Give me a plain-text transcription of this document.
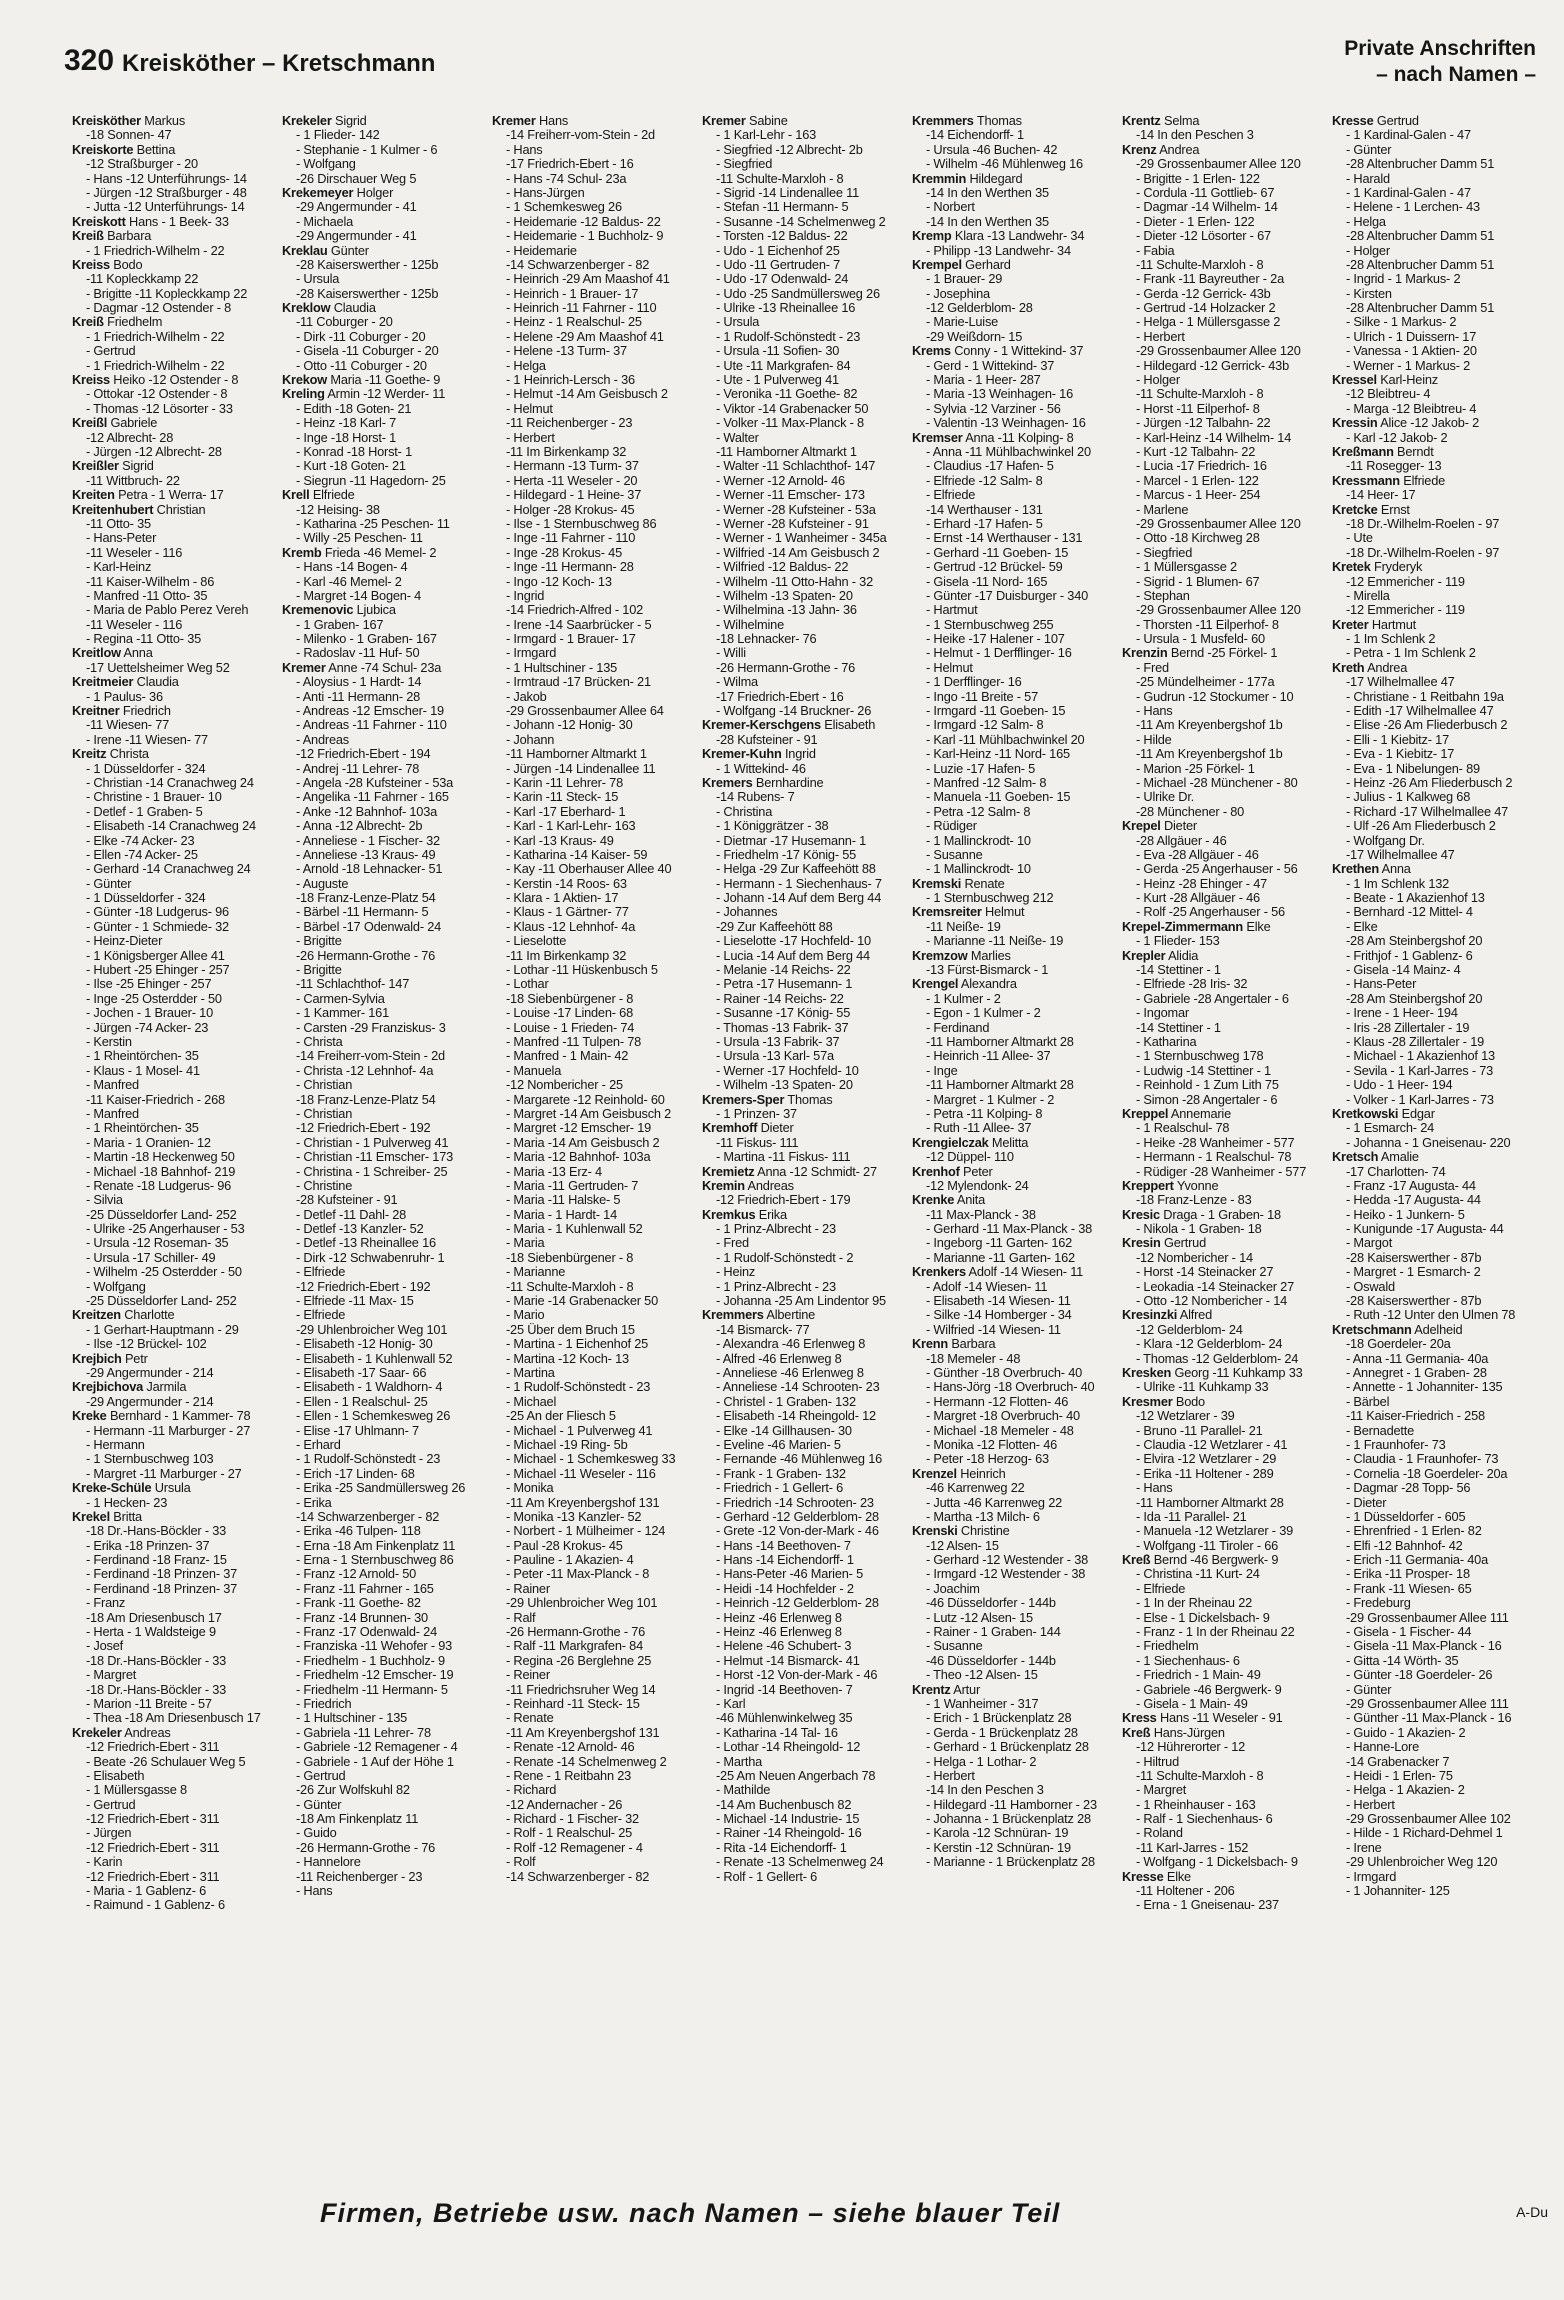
320 Kreisköther – Kretschmann
Private Anschriften
– nach Namen –
Kreisköther Markus
-18 Sonnen- 47
Kreiskorte Bettina
-12 Straßburger - 20
- Hans -12 Unterführungs- 14
- Jürgen -12 Straßburger - 48
- Jutta -12 Unterführungs- 14
Kreiskott Hans - 1 Beek- 33
Kreiß Barbara
- 1 Friedrich-Wilhelm - 22
Kreiss Bodo
-11 Kopleckkamp 22
- Brigitte -11 Kopleckkamp 22
- Dagmar -12 Ostender - 8
Kreiß Friedhelm
- 1 Friedrich-Wilhelm - 22
- Gertrud
- 1 Friedrich-Wilhelm - 22
Kreiss Heiko -12 Ostender - 8
- Ottokar -12 Ostender - 8
- Thomas -12 Lösorter - 33
Kreißl Gabriele
-12 Albrecht- 28
- Jürgen -12 Albrecht- 28
Kreißler Sigrid
-11 Wittbruch- 22
Kreiten Petra - 1 Werra- 17
Kreitenhubert Christian
-11 Otto- 35
- Hans-Peter
-11 Weseler - 116
- Karl-Heinz
-11 Kaiser-Wilhelm - 86
- Manfred -11 Otto- 35
- Maria de Pablo Perez Vereh
-11 Weseler - 116
- Regina -11 Otto- 35
Kreitlow Anna
-17 Uettelsheimer Weg 52
Kreitmeier Claudia
- 1 Paulus- 36
Kreitner Friedrich
-11 Wiesen- 77
- Irene -11 Wiesen- 77
Kreitz Christa
- 1 Düsseldorfer - 324
- Christian -14 Cranachweg 24
- Christine - 1 Brauer- 10
- Detlef - 1 Graben- 5
- Elisabeth -14 Cranachweg 24
- Elke -74 Acker- 23
- Ellen -74 Acker- 25
- Gerhard -14 Cranachweg 24
- Günter
- 1 Düsseldorfer - 324
- Günter -18 Ludgerus- 96
- Günter - 1 Schmiede- 32
- Heinz-Dieter
- 1 Königsberger Allee 41
- Hubert -25 Ehinger - 257
- Ilse -25 Ehinger - 257
- Inge -25 Osterdder - 50
- Jochen - 1 Brauer- 10
- Jürgen -74 Acker- 23
- Kerstin
- 1 Rheintörchen- 35
- Klaus - 1 Mosel- 41
- Manfred
-11 Kaiser-Friedrich - 268
- Manfred
- 1 Rheintörchen- 35
- Maria - 1 Oranien- 12
- Martin -18 Heckenweg 50
- Michael -18 Bahnhof- 219
- Renate -18 Ludgerus- 96
- Silvia
-25 Düsseldorfer Land- 252
- Ulrike -25 Angerhauser - 53
- Ursula -12 Roseman- 35
- Ursula -17 Schiller- 49
- Wilhelm -25 Osterdder - 50
- Wolfgang
-25 Düsseldorfer Land- 252
Kreitzen Charlotte
- 1 Gerhart-Hauptmann - 29
- Ilse -12 Brückel- 102
Krejbich Petr
-29 Angermunder - 214
Krejbichova Jarmila
-29 Angermunder - 214
Kreke Bernhard - 1 Kammer- 78
- Hermann -11 Marburger - 27
- Hermann
- 1 Sternbuschweg 103
- Margret -11 Marburger - 27
Kreke-Schüle Ursula
- 1 Hecken- 23
Krekel Britta
-18 Dr.-Hans-Böckler - 33
- Erika -18 Prinzen- 37
- Ferdinand -18 Franz- 15
- Ferdinand -18 Prinzen- 37
- Ferdinand -18 Prinzen- 37
- Franz
-18 Am Driesenbusch 17
- Herta - 1 Waldsteige 9
- Josef
-18 Dr.-Hans-Böckler - 33
- Margret
-18 Dr.-Hans-Böckler - 33
- Marion -11 Breite - 57
- Thea -18 Am Driesenbusch 17
Krekeler Andreas
-12 Friedrich-Ebert - 311
- Beate -26 Schulauer Weg 5
- Elisabeth
- 1 Müllersgasse 8
- Gertrud
-12 Friedrich-Ebert - 311
- Jürgen
-12 Friedrich-Ebert - 311
- Karin
-12 Friedrich-Ebert - 311
- Maria - 1 Gablenz- 6
- Raimund - 1 Gablenz- 6
Krekeler Sigrid
- 1 Flieder- 142
- Stephanie - 1 Kulmer - 6
- Wolfgang
-26 Dirschauer Weg 5
Krekemeyer Holger
-29 Angermunder - 41
- Michaela
-29 Angermunder - 41
Kreklau Günter
-28 Kaiserswerther - 125b
- Ursula
-28 Kaiserswerther - 125b
Kreklow Claudia
-11 Coburger - 20
- Dirk -11 Coburger - 20
- Gisela -11 Coburger - 20
- Otto -11 Coburger - 20
Krekow Maria -11 Goethe- 9
Kreling Armin -12 Werder- 11
- Edith -18 Goten- 21
- Heinz -18 Karl- 7
- Inge -18 Horst- 1
- Konrad -18 Horst- 1
- Kurt -18 Goten- 21
- Siegrun -11 Hagedorn- 25
Krell Elfriede
-12 Heising- 38
- Katharina -25 Peschen- 11
- Willy -25 Peschen- 11
Kremb Frieda -46 Memel- 2
- Hans -14 Bogen- 4
- Karl -46 Memel- 2
- Margret -14 Bogen- 4
Kremenovic Ljubica
- 1 Graben- 167
- Milenko - 1 Graben- 167
- Radoslav -11 Huf- 50
Kremer Anne -74 Schul- 23a
- Aloysius - 1 Hardt- 14
- Anti -11 Hermann- 28
- Andreas -12 Emscher- 19
- Andreas -11 Fahrner - 110
- Andreas
-12 Friedrich-Ebert - 194
- Andrej -11 Lehrer- 78
- Angela -28 Kufsteiner - 53a
- Angelika -11 Fahrner - 165
- Anke -12 Bahnhof- 103a
- Anna -12 Albrecht- 2b
- Anneliese - 1 Fischer- 32
- Anneliese -13 Kraus- 49
- Arnold -18 Lehnacker- 51
- Auguste
-18 Franz-Lenze-Platz 54
- Bärbel -11 Hermann- 5
- Bärbel -17 Odenwald- 24
- Brigitte
-26 Hermann-Grothe - 76
- Brigitte
-11 Schlachthof- 147
- Carmen-Sylvia
- 1 Kammer- 161
- Carsten -29 Franziskus- 3
- Christa
-14 Freiherr-vom-Stein - 2d
- Christa -12 Lehnhof- 4a
- Christian
-18 Franz-Lenze-Platz 54
- Christian
-12 Friedrich-Ebert - 192
- Christian - 1 Pulverweg 41
- Christian -11 Emscher- 173
- Christina - 1 Schreiber- 25
- Christine
-28 Kufsteiner - 91
- Detlef -11 Dahl- 28
- Detlef -13 Kanzler- 52
- Detlef -13 Rheinallee 16
- Dirk -12 Schwabenruhr- 1
- Elfriede
-12 Friedrich-Ebert - 192
- Elfriede -11 Max- 15
- Elfriede
-29 Uhlenbroicher Weg 101
- Elisabeth -12 Honig- 30
- Elisabeth - 1 Kuhlenwall 52
- Elisabeth -17 Saar- 66
- Elisabeth - 1 Waldhorn- 4
- Ellen - 1 Realschul- 25
- Ellen - 1 Schemkesweg 26
- Elise -17 Uhlmann- 7
- Erhard
- 1 Rudolf-Schönstedt - 23
- Erich -17 Linden- 68
- Erika -25 Sandmüllersweg 26
- Erika
-14 Schwarzenberger - 82
- Erika -46 Tulpen- 118
- Erna -18 Am Finkenplatz 11
- Erna - 1 Sternbuschweg 86
- Franz -12 Arnold- 50
- Franz -11 Fahrner - 165
- Frank -11 Goethe- 82
- Franz -14 Brunnen- 30
- Franz -17 Odenwald- 24
- Franziska -11 Wehofer - 93
- Friedhelm - 1 Buchholz- 9
- Friedhelm -12 Emscher- 19
- Friedhelm -11 Hermann- 5
- Friedrich
- 1 Hultschiner - 135
- Gabriela -11 Lehrer- 78
- Gabriele -12 Remagener - 4
- Gabriele - 1 Auf der Höhe 1
- Gertrud
-26 Zur Wolfskuhl 82
- Günter
-18 Am Finkenplatz 11
- Guido
-26 Hermann-Grothe - 76
- Hannelore
-11 Reichenberger - 23
- Hans
Kremer Hans
-14 Freiherr-vom-Stein - 2d
- Hans
-17 Friedrich-Ebert - 16
- Hans -74 Schul- 23a
- Hans-Jürgen
- 1 Schemkesweg 26
- Heidemarie -12 Baldus- 22
- Heidemarie - 1 Buchholz- 9
- Heidemarie
-14 Schwarzenberger - 82
- Heinrich -29 Am Maashof 41
- Heinrich - 1 Brauer- 17
- Heinrich -11 Fahrner - 110
- Heinz - 1 Realschul- 25
- Helene -29 Am Maashof 41
- Helene -13 Turm- 37
- Helga
- 1 Heinrich-Lersch - 36
- Helmut -14 Am Geisbusch 2
- Helmut
-11 Reichenberger - 23
- Herbert
-11 Im Birkenkamp 32
- Hermann -13 Turm- 37
- Herta -11 Weseler - 20
- Hildegard - 1 Heine- 37
- Holger -28 Krokus- 45
- Ilse - 1 Sternbuschweg 86
- Inge -11 Fahrner - 110
- Inge -28 Krokus- 45
- Inge -11 Hermann- 28
- Ingo -12 Koch- 13
- Ingrid
-14 Friedrich-Alfred - 102
- Irene -14 Saarbrücker - 5
- Irmgard - 1 Brauer- 17
- Irmgard
- 1 Hultschiner - 135
- Irmtraud -17 Brücken- 21
- Jakob
-29 Grossenbaumer Allee 64
- Johann -12 Honig- 30
- Johann
-11 Hamborner Altmarkt 1
- Jürgen -14 Lindenallee 11
- Karin -11 Lehrer- 78
- Karin -11 Steck- 15
- Karl -17 Eberhard- 1
- Karl - 1 Karl-Lehr- 163
- Karl -13 Kraus- 49
- Katharina -14 Kaiser- 59
- Kay -11 Oberhauser Allee 40
- Kerstin -14 Roos- 63
- Klara - 1 Aktien- 17
- Klaus - 1 Gärtner- 77
- Klaus -12 Lehnhof- 4a
- Lieselotte
-11 Im Birkenkamp 32
- Lothar -11 Hüskenbusch 5
- Lothar
-18 Siebenbürgener - 8
- Louise -17 Linden- 68
- Louise - 1 Frieden- 74
- Manfred -11 Tulpen- 78
- Manfred - 1 Main- 42
- Manuela
-12 Nombericher - 25
- Margarete -12 Reinhold- 60
- Margret -14 Am Geisbusch 2
- Margret -12 Emscher- 19
- Maria -14 Am Geisbusch 2
- Maria -12 Bahnhof- 103a
- Maria -13 Erz- 4
- Maria -11 Gertruden- 7
- Maria -11 Halske- 5
- Maria - 1 Hardt- 14
- Maria - 1 Kuhlenwall 52
- Maria
-18 Siebenbürgener - 8
- Marianne
-11 Schulte-Marxloh - 8
- Marie -14 Grabenacker 50
- Mario
-25 Über dem Bruch 15
- Martina - 1 Eichenhof 25
- Martina -12 Koch- 13
- Martina
- 1 Rudolf-Schönstedt - 23
- Michael
-25 An der Fliesch 5
- Michael - 1 Pulverweg 41
- Michael -19 Ring- 5b
- Michael - 1 Schemkesweg 33
- Michael -11 Weseler - 116
- Monika
-11 Am Kreyenbergshof 131
- Monika -13 Kanzler- 52
- Norbert - 1 Mülheimer - 124
- Paul -28 Krokus- 45
- Pauline - 1 Akazien- 4
- Peter -11 Max-Planck - 8
- Rainer
-29 Uhlenbroicher Weg 101
- Ralf
-26 Hermann-Grothe - 76
- Ralf -11 Markgrafen- 84
- Regina -26 Berglehne 25
- Reiner
-11 Friedrichsruher Weg 14
- Reinhard -11 Steck- 15
- Renate
-11 Am Kreyenbergshof 131
- Renate -12 Arnold- 46
- Renate -14 Schelmenweg 2
- Rene - 1 Reitbahn 23
- Richard
-12 Andernacher - 26
- Richard - 1 Fischer- 32
- Rolf - 1 Realschul- 25
- Rolf -12 Remagener - 4
- Rolf
-14 Schwarzenberger - 82
Kremer Sabine
- 1 Karl-Lehr - 163
- Siegfried -12 Albrecht- 2b
- Siegfried
-11 Schulte-Marxloh - 8
- Sigrid -14 Lindenallee 11
- Stefan -11 Hermann- 5
- Susanne -14 Schelmenweg 2
- Torsten -12 Baldus- 22
- Udo - 1 Eichenhof 25
- Udo -11 Gertruden- 7
- Udo -17 Odenwald- 24
- Udo -25 Sandmüllersweg 26
- Ulrike -13 Rheinallee 16
- Ursula
- 1 Rudolf-Schönstedt - 23
- Ursula -11 Sofien- 30
- Ute -11 Markgrafen- 84
- Ute - 1 Pulverweg 41
- Veronika -11 Goethe- 82
- Viktor -14 Grabenacker 50
- Volker -11 Max-Planck - 8
- Walter
-11 Hamborner Altmarkt 1
- Walter -11 Schlachthof- 147
- Werner -12 Arnold- 46
- Werner -11 Emscher- 173
- Werner -28 Kufsteiner - 53a
- Werner -28 Kufsteiner - 91
- Werner - 1 Wanheimer - 345a
- Wilfried -14 Am Geisbusch 2
- Wilfried -12 Baldus- 22
- Wilhelm -11 Otto-Hahn - 32
- Wilhelm -13 Spaten- 20
- Wilhelmina -13 Jahn- 36
- Wilhelmine
-18 Lehnacker- 76
- Willi
-26 Hermann-Grothe - 76
- Wilma
-17 Friedrich-Ebert - 16
- Wolfgang -14 Bruckner- 26
Kremer-Kerschgens Elisabeth
-28 Kufsteiner - 91
Kremer-Kuhn Ingrid
- 1 Wittekind- 46
Kremers Bernhardine
-14 Rubens- 7
- Christina
- 1 Königgrätzer - 38
- Dietmar -17 Husemann- 1
- Friedhelm -17 König- 55
- Helga -29 Zur Kaffeehött 88
- Hermann - 1 Siechenhaus- 7
- Johann -14 Auf dem Berg 44
- Johannes
-29 Zur Kaffeehött 88
- Lieselotte -17 Hochfeld- 10
- Lucia -14 Auf dem Berg 44
- Melanie -14 Reichs- 22
- Petra -17 Husemann- 1
- Rainer -14 Reichs- 22
- Susanne -17 König- 55
- Thomas -13 Fabrik- 37
- Ursula -13 Fabrik- 37
- Ursula -13 Karl- 57a
- Werner -17 Hochfeld- 10
- Wilhelm -13 Spaten- 20
Kremers-Sper Thomas
- 1 Prinzen- 37
Kremhoff Dieter
-11 Fiskus- 111
- Martina -11 Fiskus- 111
Kremietz Anna -12 Schmidt- 27
Kremin Andreas
-12 Friedrich-Ebert - 179
Kremkus Erika
- 1 Prinz-Albrecht - 23
- Fred
- 1 Rudolf-Schönstedt - 2
- Heinz
- 1 Prinz-Albrecht - 23
- Johanna -25 Am Lindentor 95
Kremmers Albertine
-14 Bismarck- 77
- Alexandra -46 Erlenweg 8
- Alfred -46 Erlenweg 8
- Anneliese -46 Erlenweg 8
- Anneliese -14 Schrooten- 23
- Christel - 1 Graben- 132
- Elisabeth -14 Rheingold- 12
- Elke -14 Gillhausen- 30
- Eveline -46 Marien- 5
- Fernande -46 Mühlenweg 16
- Frank - 1 Graben- 132
- Friedrich - 1 Gellert- 6
- Friedrich -14 Schrooten- 23
- Gerhard -12 Gelderblom- 28
- Grete -12 Von-der-Mark - 46
- Hans -14 Beethoven- 7
- Hans -14 Eichendorff- 1
- Hans-Peter -46 Marien- 5
- Heidi -14 Hochfelder - 2
- Heinrich -12 Gelderblom- 28
- Heinz -46 Erlenweg 8
- Heinz -46 Erlenweg 8
- Helene -46 Schubert- 3
- Helmut -14 Bismarck- 41
- Horst -12 Von-der-Mark - 46
- Ingrid -14 Beethoven- 7
- Karl
-46 Mühlenwinkelweg 35
- Katharina -14 Tal- 16
- Lothar -14 Rheingold- 12
- Martha
-25 Am Neuen Angerbach 78
- Mathilde
-14 Am Buchenbusch 82
- Michael -14 Industrie- 15
- Rainer -14 Rheingold- 16
- Rita -14 Eichendorff- 1
- Renate -13 Schelmenweg 24
- Rolf - 1 Gellert- 6
Kremmers Thomas
-14 Eichendorff- 1
- Ursula -46 Buchen- 42
- Wilhelm -46 Mühlenweg 16
Kremmin Hildegard
-14 In den Werthen 35
- Norbert
-14 In den Werthen 35
Kremp Klara -13 Landwehr- 34
- Philipp -13 Landwehr- 34
Krempel Gerhard
- 1 Brauer- 29
- Josephina
-12 Gelderblom- 28
- Marie-Luise
-29 Weißdorn- 15
Krems Conny - 1 Wittekind- 37
- Gerd - 1 Wittekind- 37
- Maria - 1 Heer- 287
- Maria -13 Weinhagen- 16
- Sylvia -12 Varziner - 56
- Valentin -13 Weinhagen- 16
Kremser Anna -11 Kolping- 8
- Anna -11 Mühlbachwinkel 20
- Claudius -17 Hafen- 5
- Elfriede -12 Salm- 8
- Elfriede
-14 Werthauser - 131
- Erhard -17 Hafen- 5
- Ernst -14 Werthauser - 131
- Gerhard -11 Goeben- 15
- Gertrud -12 Brückel- 59
- Gisela -11 Nord- 165
- Günter -17 Duisburger - 340
- Hartmut
- 1 Sternbuschweg 255
- Heike -17 Halener - 107
- Helmut - 1 Derfflinger- 16
- Helmut
- 1 Derfflinger- 16
- Ingo -11 Breite - 57
- Irmgard -11 Goeben- 15
- Irmgard -12 Salm- 8
- Karl -11 Mühlbachwinkel 20
- Karl-Heinz -11 Nord- 165
- Luzie -17 Hafen- 5
- Manfred -12 Salm- 8
- Manuela -11 Goeben- 15
- Petra -12 Salm- 8
- Rüdiger
- 1 Mallinckrodt- 10
- Susanne
- 1 Mallinckrodt- 10
Kremski Renate
- 1 Sternbuschweg 212
Kremsreiter Helmut
-11 Neiße- 19
- Marianne -11 Neiße- 19
Kremzow Marlies
-13 Fürst-Bismarck - 1
Krengel Alexandra
- 1 Kulmer - 2
- Egon - 1 Kulmer - 2
- Ferdinand
-11 Hamborner Altmarkt 28
- Heinrich -11 Allee- 37
- Inge
-11 Hamborner Altmarkt 28
- Margret - 1 Kulmer - 2
- Petra -11 Kolping- 8
- Ruth -11 Allee- 37
Krengielczak Melitta
-12 Düppel- 110
Krenhof Peter
-12 Mylendonk- 24
Krenke Anita
-11 Max-Planck - 38
- Gerhard -11 Max-Planck - 38
- Ingeborg -11 Garten- 162
- Marianne -11 Garten- 162
Krenkers Adolf -14 Wiesen- 11
- Adolf -14 Wiesen- 11
- Elisabeth -14 Wiesen- 11
- Silke -14 Homberger - 34
- Wilfried -14 Wiesen- 11
Krenn Barbara
-18 Memeler - 48
- Günther -18 Overbruch- 40
- Hans-Jörg -18 Overbruch- 40
- Hermann -12 Flotten- 46
- Margret -18 Overbruch- 40
- Michael -18 Memeler - 48
- Monika -12 Flotten- 46
- Peter -18 Herzog- 63
Krenzel Heinrich
-46 Karrenweg 22
- Jutta -46 Karrenweg 22
- Martha -13 Milch- 6
Krenski Christine
-12 Alsen- 15
- Gerhard -12 Westender - 38
- Irmgard -12 Westender - 38
- Joachim
-46 Düsseldorfer - 144b
- Lutz -12 Alsen- 15
- Rainer - 1 Graben- 144
- Susanne
-46 Düsseldorfer - 144b
- Theo -12 Alsen- 15
Krentz Artur
- 1 Wanheimer - 317
- Erich - 1 Brückenplatz 28
- Gerda - 1 Brückenplatz 28
- Gerhard - 1 Brückenplatz 28
- Helga - 1 Lothar- 2
- Herbert
-14 In den Peschen 3
- Hildegard -11 Hamborner - 23
- Johanna - 1 Brückenplatz 28
- Karola -12 Schnüran- 19
- Kerstin -12 Schnüran- 19
- Marianne - 1 Brückenplatz 28
Krentz Selma
-14 In den Peschen 3
Krenz Andrea
-29 Grossenbaumer Allee 120
- Brigitte - 1 Erlen- 122
- Cordula -11 Gottlieb- 67
- Dagmar -14 Wilhelm- 14
- Dieter - 1 Erlen- 122
- Dieter -12 Lösorter - 67
- Fabia
-11 Schulte-Marxloh - 8
- Frank -11 Bayreuther - 2a
- Gerda -12 Gerrick- 43b
- Gertrud -14 Holzacker 2
- Helga - 1 Müllersgasse 2
- Herbert
-29 Grossenbaumer Allee 120
- Hildegard -12 Gerrick- 43b
- Holger
-11 Schulte-Marxloh - 8
- Horst -11 Eilperhof- 8
- Jürgen -12 Talbahn- 22
- Karl-Heinz -14 Wilhelm- 14
- Kurt -12 Talbahn- 22
- Lucia -17 Friedrich- 16
- Marcel - 1 Erlen- 122
- Marcus - 1 Heer- 254
- Marlene
-29 Grossenbaumer Allee 120
- Otto -18 Kirchweg 28
- Siegfried
- 1 Müllersgasse 2
- Sigrid - 1 Blumen- 67
- Stephan
-29 Grossenbaumer Allee 120
- Thorsten -11 Eilperhof- 8
- Ursula - 1 Musfeld- 60
Krenzin Bernd -25 Förkel- 1
- Fred
-25 Mündelheimer - 177a
- Gudrun -12 Stockumer - 10
- Hans
-11 Am Kreyenbergshof 1b
- Hilde
-11 Am Kreyenbergshof 1b
- Marion -25 Förkel- 1
- Michael -28 Münchener - 80
- Ulrike Dr.
-28 Münchener - 80
Krepel Dieter
-28 Allgäuer - 46
- Eva -28 Allgäuer - 46
- Gerda -25 Angerhauser - 56
- Heinz -28 Ehinger - 47
- Kurt -28 Allgäuer - 46
- Rolf -25 Angerhauser - 56
Krepel-Zimmermann Elke
- 1 Flieder- 153
Krepler Alidia
-14 Stettiner - 1
- Elfriede -28 Iris- 32
- Gabriele -28 Angertaler - 6
- Ingomar
-14 Stettiner - 1
- Katharina
- 1 Sternbuschweg 178
- Ludwig -14 Stettiner - 1
- Reinhold - 1 Zum Lith 75
- Simon -28 Angertaler - 6
Kreppel Annemarie
- 1 Realschul- 78
- Heike -28 Wanheimer - 577
- Hermann - 1 Realschul- 78
- Rüdiger -28 Wanheimer - 577
Kreppert Yvonne
-18 Franz-Lenze - 83
Kresic Draga - 1 Graben- 18
- Nikola - 1 Graben- 18
Kresin Gertrud
-12 Nombericher - 14
- Horst -14 Steinacker 27
- Leokadia -14 Steinacker 27
- Otto -12 Nombericher - 14
Kresinzki Alfred
-12 Gelderblom- 24
- Klara -12 Gelderblom- 24
- Thomas -12 Gelderblom- 24
Kresken Georg -11 Kuhkamp 33
- Ulrike -11 Kuhkamp 33
Kresmer Bodo
-12 Wetzlarer - 39
- Bruno -11 Parallel- 21
- Claudia -12 Wetzlarer - 41
- Elvira -12 Wetzlarer - 29
- Erika -11 Holtener - 289
- Hans
-11 Hamborner Altmarkt 28
- Ida -11 Parallel- 21
- Manuela -12 Wetzlarer - 39
- Wolfgang -11 Tiroler - 66
Kreß Bernd -46 Bergwerk- 9
- Christina -11 Kurt- 24
- Elfriede
- 1 In der Rheinau 22
- Else - 1 Dickelsbach- 9
- Franz - 1 In der Rheinau 22
- Friedhelm
- 1 Siechenhaus- 6
- Friedrich - 1 Main- 49
- Gabriele -46 Bergwerk- 9
- Gisela - 1 Main- 49
Kress Hans -11 Weseler - 91
Kreß Hans-Jürgen
-12 Hührerorter - 12
- Hiltrud
-11 Schulte-Marxloh - 8
- Margret
- 1 Rheinhauser - 163
- Ralf - 1 Siechenhaus- 6
- Roland
-11 Karl-Jarres - 152
- Wolfgang - 1 Dickelsbach- 9
Kresse Elke
-11 Holtener - 206
- Erna - 1 Gneisenau- 237
Kresse Gertrud
- 1 Kardinal-Galen - 47
- Günter
-28 Altenbrucher Damm 51
- Harald
- 1 Kardinal-Galen - 47
- Helene - 1 Lerchen- 43
- Helga
-28 Altenbrucher Damm 51
- Holger
-28 Altenbrucher Damm 51
- Ingrid - 1 Markus- 2
- Kirsten
-28 Altenbrucher Damm 51
- Silke - 1 Markus- 2
- Ulrich - 1 Duissern- 17
- Vanessa - 1 Aktien- 20
- Werner - 1 Markus- 2
Kressel Karl-Heinz
-12 Bleibtreu- 4
- Marga -12 Bleibtreu- 4
Kressin Alice -12 Jakob- 2
- Karl -12 Jakob- 2
Kreßmann Berndt
-11 Rosegger- 13
Kressmann Elfriede
-14 Heer- 17
Kretcke Ernst
-18 Dr.-Wilhelm-Roelen - 97
- Ute
-18 Dr.-Wilhelm-Roelen - 97
Kretek Fryderyk
-12 Emmericher - 119
- Mirella
-12 Emmericher - 119
Kreter Hartmut
- 1 Im Schlenk 2
- Petra - 1 Im Schlenk 2
Kreth Andrea
-17 Wilhelmallee 47
- Christiane - 1 Reitbahn 19a
- Edith -17 Wilhelmallee 47
- Elise -26 Am Fliederbusch 2
- Elli - 1 Kiebitz- 17
- Eva - 1 Kiebitz- 17
- Eva - 1 Nibelungen- 89
- Heinz -26 Am Fliederbusch 2
- Julius - 1 Kalkweg 68
- Richard -17 Wilhelmallee 47
- Ulf -26 Am Fliederbusch 2
- Wolfgang Dr.
-17 Wilhelmallee 47
Krethen Anna
- 1 Im Schlenk 132
- Beate - 1 Akazienhof 13
- Bernhard -12 Mittel- 4
- Elke
-28 Am Steinbergshof 20
- Frithjof - 1 Gablenz- 6
- Gisela -14 Mainz- 4
- Hans-Peter
-28 Am Steinbergshof 20
- Irene - 1 Heer- 194
- Iris -28 Zillertaler - 19
- Klaus -28 Zillertaler - 19
- Michael - 1 Akazienhof 13
- Sevila - 1 Karl-Jarres - 73
- Udo - 1 Heer- 194
- Volker - 1 Karl-Jarres - 73
Kretkowski Edgar
- 1 Esmarch- 24
- Johanna - 1 Gneisenau- 220
Kretsch Amalie
-17 Charlotten- 74
- Franz -17 Augusta- 44
- Hedda -17 Augusta- 44
- Heiko - 1 Junkern- 5
- Kunigunde -17 Augusta- 44
- Margot
-28 Kaiserswerther - 87b
- Margret - 1 Esmarch- 2
- Oswald
-28 Kaiserswerther - 87b
- Ruth -12 Unter den Ulmen 78
Kretschmann Adelheid
-18 Goerdeler- 20a
- Anna -11 Germania- 40a
- Annegret - 1 Graben- 28
- Annette - 1 Johanniter- 135
- Bärbel
-11 Kaiser-Friedrich - 258
- Bernadette
- 1 Fraunhofer- 73
- Claudia - 1 Fraunhofer- 73
- Cornelia -18 Goerdeler- 20a
- Dagmar -28 Topp- 56
- Dieter
- 1 Düsseldorfer - 605
- Ehrenfried - 1 Erlen- 82
- Elfi -12 Bahnhof- 42
- Erich -11 Germania- 40a
- Erika -11 Prosper- 18
- Frank -11 Wiesen- 65
- Fredeburg
-29 Grossenbaumer Allee 111
- Gisela - 1 Fischer- 44
- Gisela -11 Max-Planck - 16
- Gitta -14 Wörth- 35
- Günter -18 Goerdeler- 26
- Günter
-29 Grossenbaumer Allee 111
- Günther -11 Max-Planck - 16
- Guido - 1 Akazien- 2
- Hanne-Lore
-14 Grabenacker 7
- Heidi - 1 Erlen- 75
- Helga - 1 Akazien- 2
- Herbert
-29 Grossenbaumer Allee 102
- Hilde - 1 Richard-Dehmel 1
- Irene
-29 Uhlenbroicher Weg 120
- Irmgard
- 1 Johanniter- 125
Firmen, Betriebe usw. nach Namen – siehe blauer Teil	A-Du
